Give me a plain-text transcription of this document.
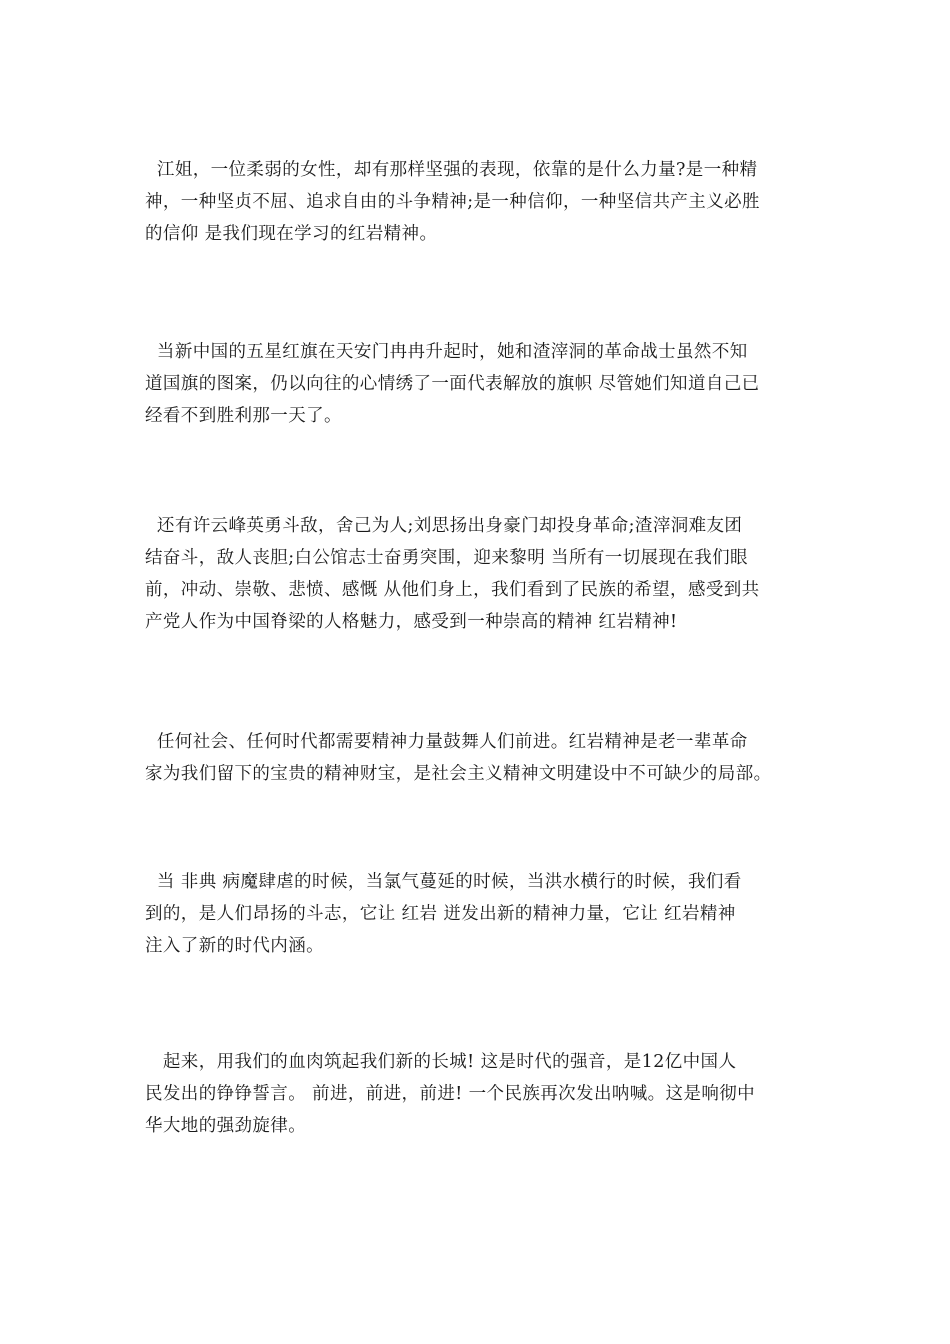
江姐，一位柔弱的女性，却有那样坚强的表现，依靠的是什么力量?是一种精
神，一种坚贞不屈、追求自由的斗争精神;是一种信仰，一种坚信共产主义必胜
的信仰 是我们现在学习的红岩精神。
当新中国的五星红旗在天安门冉冉升起时，她和渣滓洞的革命战士虽然不知
道国旗的图案，仍以向往的心情绣了一面代表解放的旗帜 尽管她们知道自己已
经看不到胜利那一天了。
还有许云峰英勇斗敌，舍己为人;刘思扬出身豪门却投身革命;渣滓洞难友团
结奋斗，敌人丧胆;白公馆志士奋勇突围，迎来黎明 当所有一切展现在我们眼
前，冲动、崇敬、悲愤、感慨 从他们身上，我们看到了民族的希望，感受到共
产党人作为中国脊梁的人格魅力，感受到一种崇高的精神 红岩精神!
任何社会、任何时代都需要精神力量鼓舞人们前进。红岩精神是老一辈革命
家为我们留下的宝贵的精神财宝，是社会主义精神文明建设中不可缺少的局部。
当 非典 病魔肆虐的时候，当氯气蔓延的时候，当洪水横行的时候，我们看
到的，是人们昂扬的斗志，它让 红岩 迸发出新的精神力量，它让 红岩精神
注入了新的时代内涵。
起来，用我们的血肉筑起我们新的长城! 这是时代的强音，是12亿中国人
民发出的铮铮誓言。 前进，前进，前进! 一个民族再次发出呐喊。这是响彻中
华大地的强劲旋律。
